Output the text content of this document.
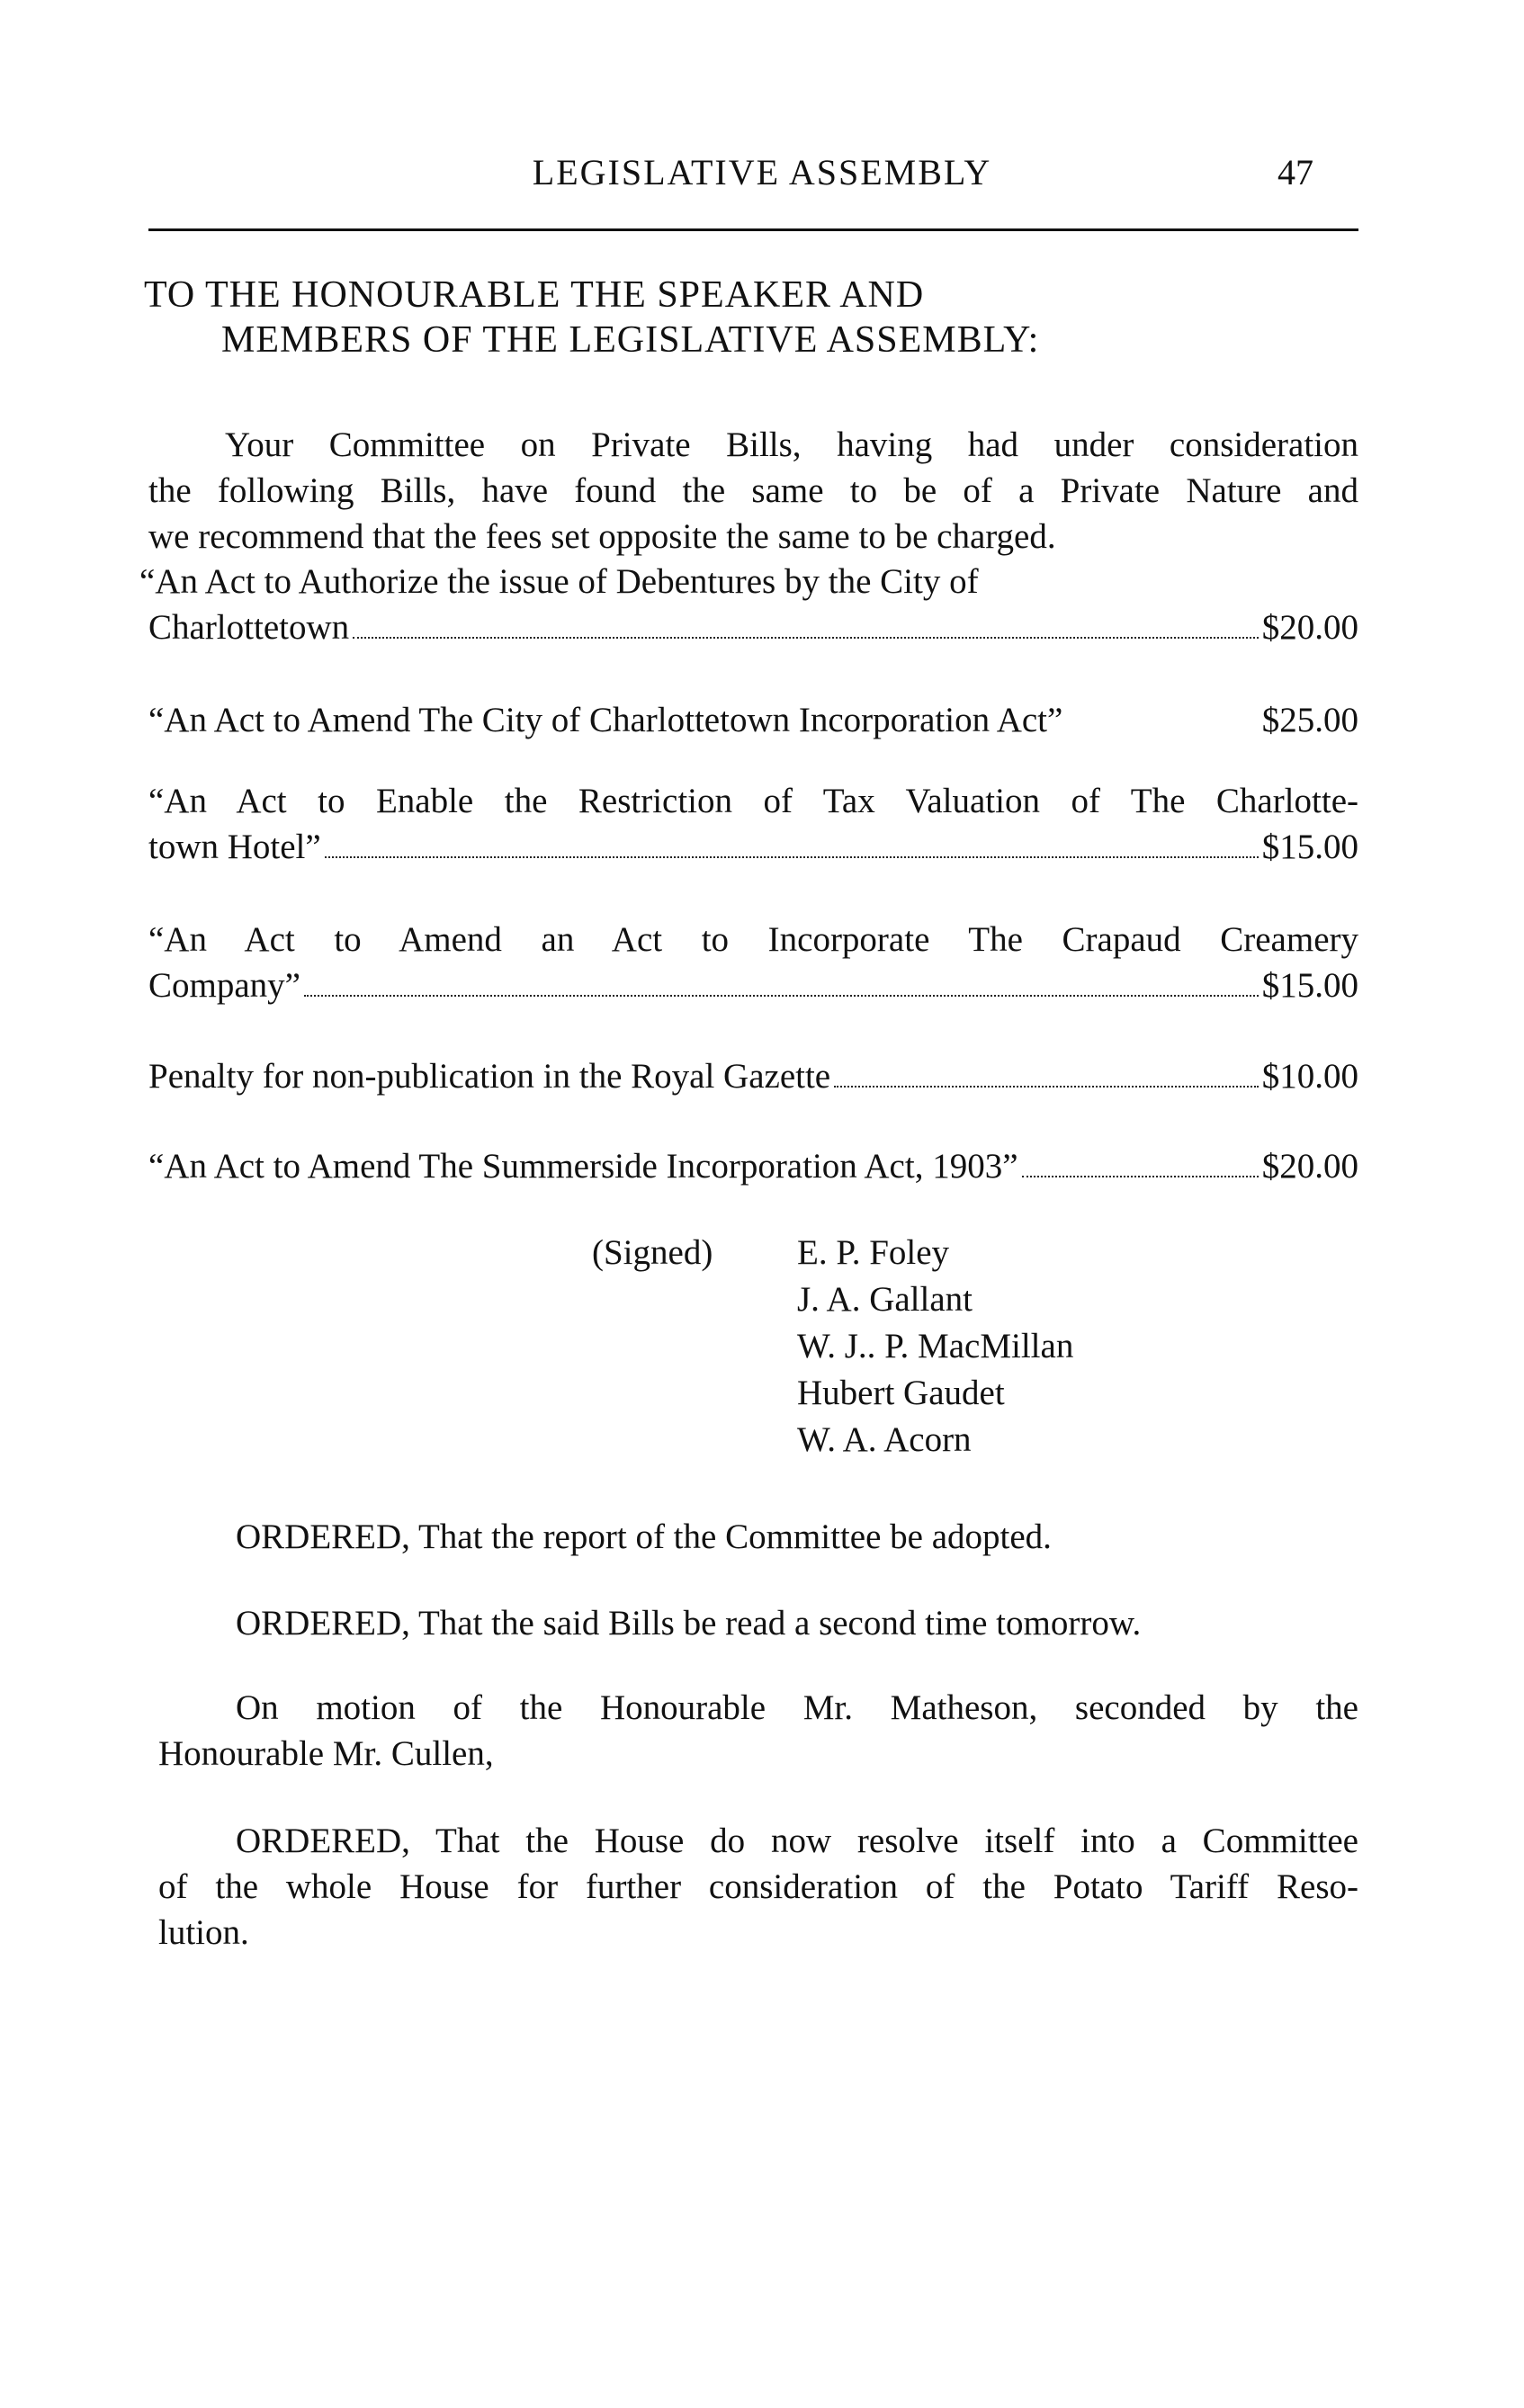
LEGISLATIVE ASSEMBLY	47
TO THE HONOURABLE THE SPEAKER AND
MEMBERS OF THE LEGISLATIVE ASSEMBLY:
Your Committee on Private Bills, having had under consideration
the following Bills, have found the same to be of a Private Nature and
we recommend that the fees set opposite the same to be charged.
“An Act to Authorize the issue of Debentures by the City of
Charlottetown	$20.00
“An Act to Amend The City of Charlottetown Incorporation Act”	$25.00
“An Act to Enable the Restriction of Tax Valuation of The Charlotte-
town Hotel”	$15.00
“An Act to Amend an Act to Incorporate The Crapaud Creamery
Company”	$15.00
Penalty for non-publication in the Royal Gazette	$10.00
“An Act to Amend The Summerside Incorporation Act, 1903”	$20.00
(Signed) E. P. Foley
J. A. Gallant
W. J.. P. MacMillan
Hubert Gaudet
W. A. Acorn
ORDERED, That the report of the Committee be adopted.
ORDERED, That the said Bills be read a second time tomorrow.
On motion of the Honourable Mr. Matheson, seconded by the
Honourable Mr. Cullen,
ORDERED, That the House do now resolve itself into a Committee
of the whole House for further consideration of the Potato Tariff Reso-
lution.
